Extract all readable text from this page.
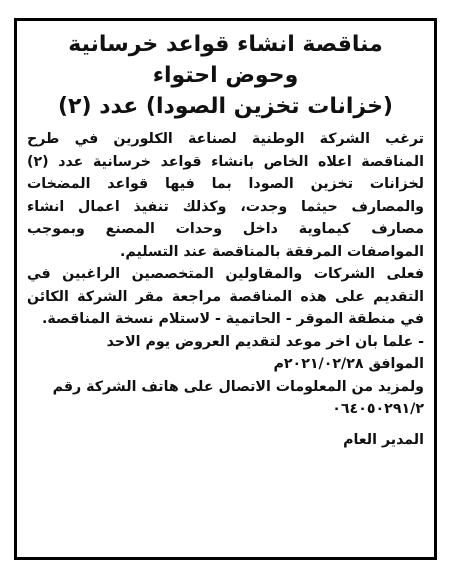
مناقصة انشاء قواعد خرسانية
وحوض احتواء
(خزانات تخزين الصودا) عدد (٢)
ترغب الشركة الوطنية لصناعة الكلورين في طرح المناقصة اعلاه الخاص بانشاء قواعد خرسانية عدد (٢) لخزانات تخزين الصودا بما فيها قواعد المضخات والمصارف حيثما وجدت، وكذلك تنفيذ اعمال انشاء مصارف كيماوية داخل وحدات المصنع وبموجب المواصفات المرفقة بالمناقصة عند التسليم.
فعلى الشركات والمقاولين المتخصصين الراغبين في التقديم على هذه المناقصة مراجعة مقر الشركة الكائن في منطقة الموقر - الحاتمية - لاستلام نسخة المناقصة.
- علما بان اخر موعد لتقديم العروض يوم الاحد
الموافق ٢٠٢١/٠٢/٢٨م
ولمزيد من المعلومات الاتصال على هاتف الشركة رقم
٠٦٤٠٥٠٢٩١/٢
المدير العام
